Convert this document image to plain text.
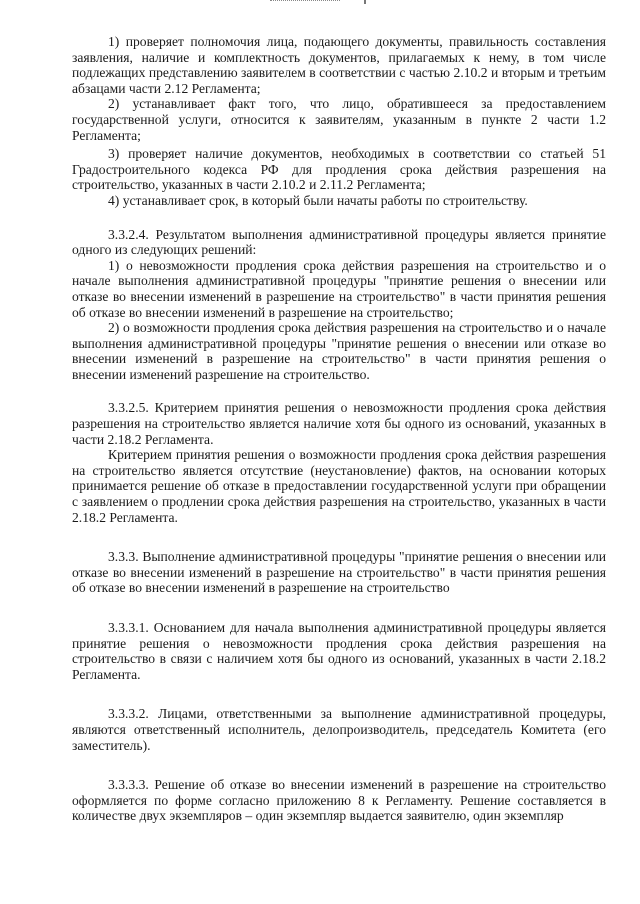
1) проверяет полномочия лица, подающего документы, правильность составления заявления, наличие и комплектность документов, прилагаемых к нему, в том числе подлежащих представлению заявителем в соответствии с частью 2.10.2 и вторым и третьим абзацами части 2.12 Регламента;

2) устанавливает факт того, что лицо, обратившееся за предоставлением государственной услуги, относится к заявителям, указанным в пункте 2 части 1.2 Регламента;

3) проверяет наличие документов, необходимых в соответствии со статьей 51 Градостроительного кодекса РФ для продления срока действия разрешения на строительство, указанных в части 2.10.2 и 2.11.2 Регламента;

4) устанавливает срок, в который были начаты работы по строительству.

3.3.2.4. Результатом выполнения административной процедуры является принятие одного из следующих решений:

1) о невозможности продления срока действия разрешения на строительство и о начале выполнения административной процедуры "принятие решения о внесении или отказе во внесении изменений в разрешение на строительство" в части принятия решения об отказе во внесении изменений в разрешение на строительство;

2) о возможности продления срока действия разрешения на строительство и о начале выполнения административной процедуры "принятие решения о внесении или отказе во внесении изменений в разрешение на строительство" в части принятия решения о внесении изменений разрешение на строительство.

3.3.2.5. Критерием принятия решения о невозможности продления срока действия разрешения на строительство является наличие хотя бы одного из оснований, указанных в части 2.18.2 Регламента.

Критерием принятия решения о возможности продления срока действия разрешения на строительство является отсутствие (неустановление) фактов, на основании которых принимается решение об отказе в предоставлении государственной услуги при обращении с заявлением о продлении срока действия разрешения на строительство, указанных в части 2.18.2 Регламента.

3.3.3. Выполнение административной процедуры "принятие решения о внесении или отказе во внесении изменений в разрешение на строительство" в части принятия решения об отказе во внесении изменений в разрешение на строительство

3.3.3.1. Основанием для начала выполнения административной процедуры является принятие решения о невозможности продления срока действия разрешения на строительство в связи с наличием хотя бы одного из оснований, указанных в части 2.18.2 Регламента.

3.3.3.2. Лицами, ответственными за выполнение административной процедуры, являются ответственный исполнитель, делопроизводитель, председатель Комитета (его заместитель).

3.3.3.3. Решение об отказе во внесении изменений в разрешение на строительство оформляется по форме согласно приложению 8 к Регламенту. Решение составляется в количестве двух экземпляров – один экземпляр выдается заявителю, один экземпляр
